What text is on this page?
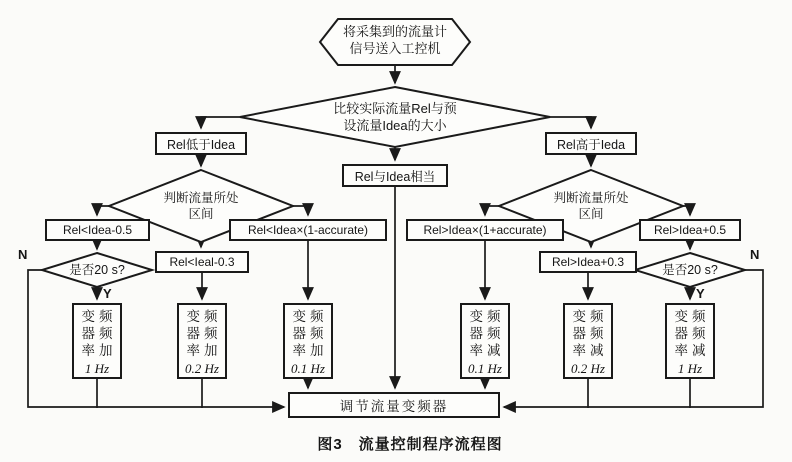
将采集到的流量计
信号送入工控机
比较实际流量Rel与预
设流量Idea的大小
判断流量所处
区间
判断流量所处
区间
是否20 s?	是否20 s?
N
Y
N
Y
Rel低于Idea	Rel高于Ieda
Rel与Idea相当
Rel<Idea-0.5
Rel<Ieal-0.3
Rel<Idea×(1-accurate)	Rel>Idea×(1+accurate)
Rel>Idea+0.3
Rel>Idea+0.5
变频
器频
率加
1 Hz
变频
器频
率加
0.2 Hz
变频
器频
率加
0.1 Hz
变频
器频
率减
0.1 Hz
变频
器频
率减
0.2 Hz
变频
器频
率减
1 Hz
调节流量变频器
图3　流量控制程序流程图
